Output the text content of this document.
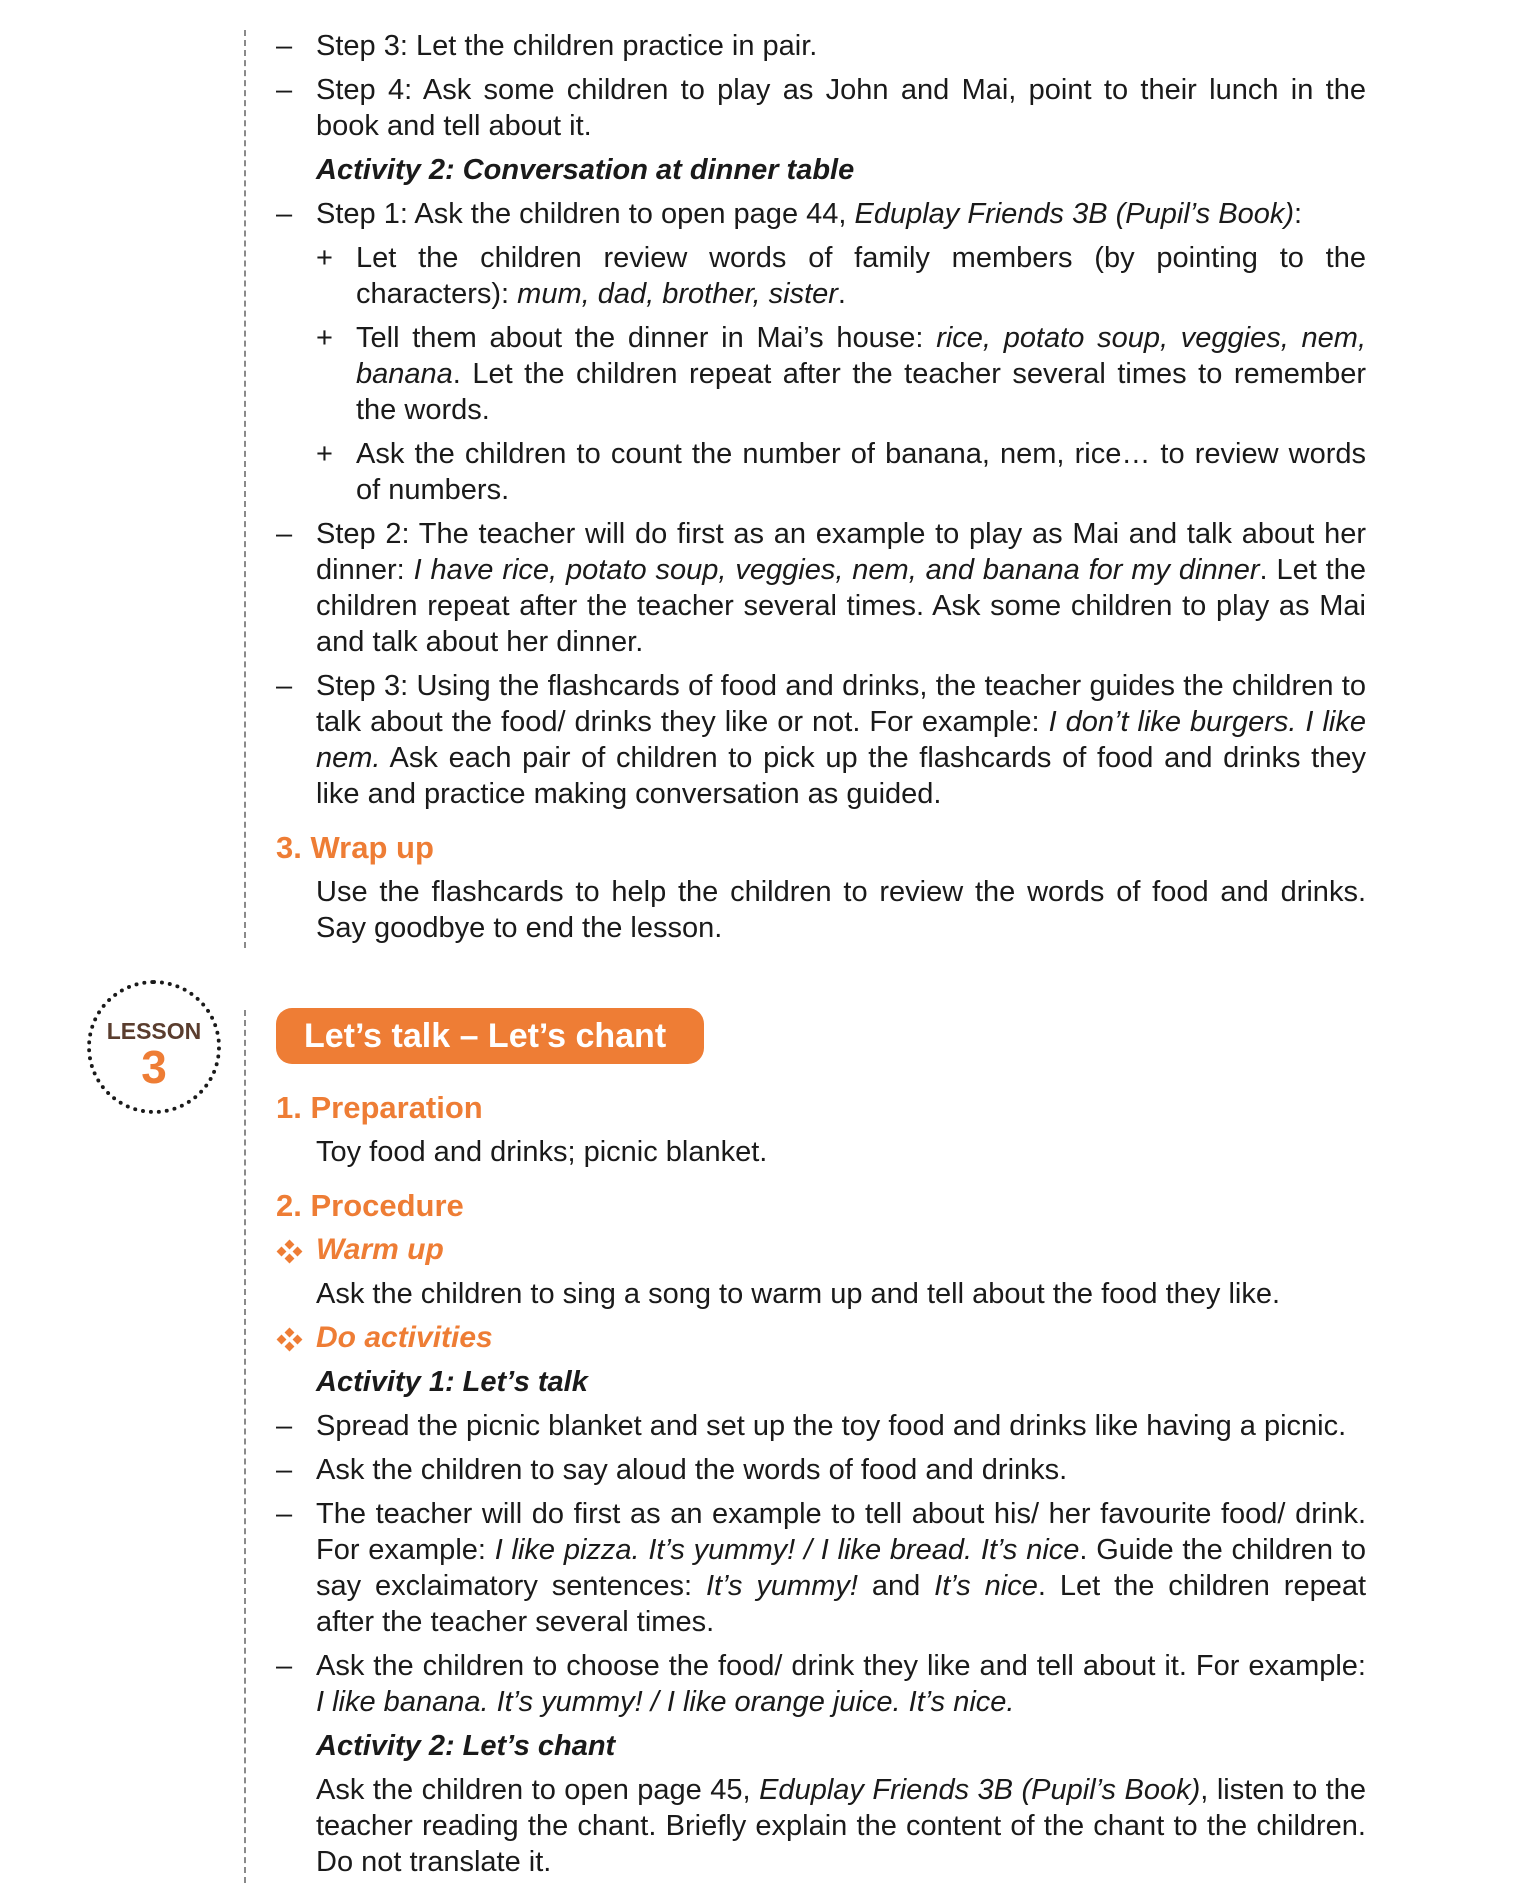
LESSON
3

– Step 3: Let the children practice in pair.

– Step 4: Ask some children to play as John and Mai, point to their lunch in the book and tell about it.

Activity 2: Conversation at dinner table

– Step 1: Ask the children to open page 44, Eduplay Friends 3B (Pupil’s Book):

+ Let the children review words of family members (by pointing to the characters): mum, dad, brother, sister.

+ Tell them about the dinner in Mai’s house: rice, potato soup, veggies, nem, banana. Let the children repeat after the teacher several times to remember the words.

+ Ask the children to count the number of banana, nem, rice… to review words of numbers.

– Step 2: The teacher will do first as an example to play as Mai and talk about her dinner: I have rice, potato soup, veggies, nem, and banana for my dinner. Let the children repeat after the teacher several times. Ask some children to play as Mai and talk about her dinner.

– Step 3: Using the flashcards of food and drinks, the teacher guides the children to talk about the food/ drinks they like or not. For example: I don’t like burgers. I like nem. Ask each pair of children to pick up the flashcards of food and drinks they like and practice making conversation as guided.

3. Wrap up

Use the flashcards to help the children to review the words of food and drinks. Say goodbye to end the lesson.

Let’s talk – Let’s chant

1. Preparation

Toy food and drinks; picnic blanket.

2. Procedure

Warm up

Ask the children to sing a song to warm up and tell about the food they like.

Do activities

Activity 1: Let’s talk

– Spread the picnic blanket and set up the toy food and drinks like having a picnic.

– Ask the children to say aloud the words of food and drinks.

– The teacher will do first as an example to tell about his/ her favourite food/ drink. For example: I like pizza. It’s yummy! / I like bread. It’s nice. Guide the children to say exclaimatory sentences: It’s yummy! and It’s nice. Let the children repeat after the teacher several times.

– Ask the children to choose the food/ drink they like and tell about it. For example: I like banana. It’s yummy! / I like orange juice. It’s nice.

Activity 2: Let’s chant

Ask the children to open page 45, Eduplay Friends 3B (Pupil’s Book), listen to the teacher reading the chant. Briefly explain the content of the chant to the children. Do not translate it.
